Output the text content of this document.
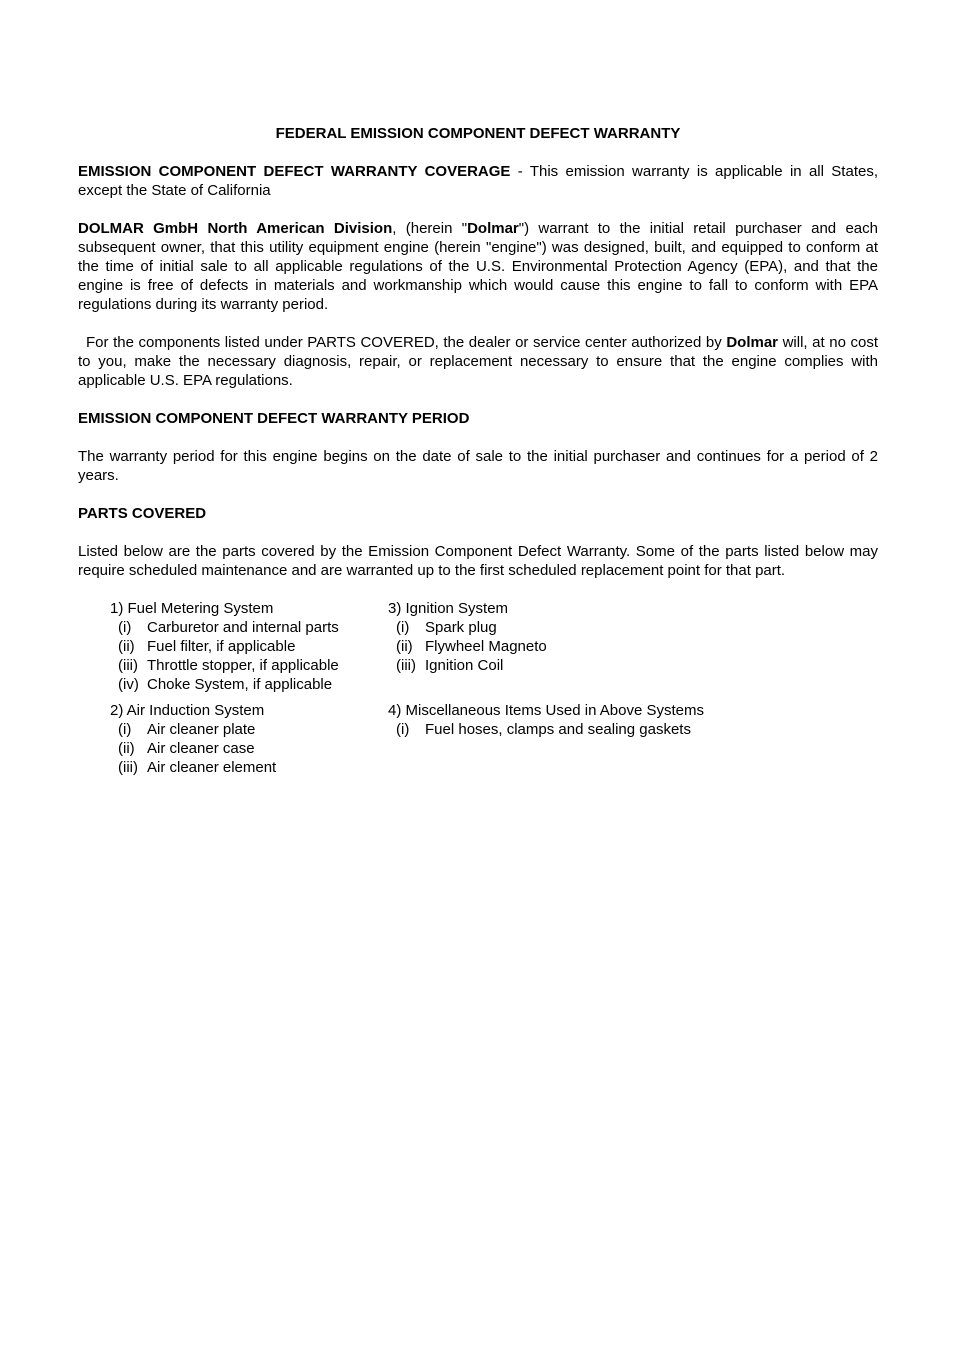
FEDERAL EMISSION COMPONENT DEFECT WARRANTY

EMISSION COMPONENT DEFECT WARRANTY COVERAGE - This emission warranty is applicable in all States, except the State of California

DOLMAR GmbH North American Division, (herein "Dolmar") warrant to the initial retail purchaser and each subsequent owner, that this utility equipment engine (herein "engine") was designed, built, and equipped to conform at the time of initial sale to all applicable regulations of the U.S. Environmental Protection Agency (EPA), and that the engine is free of defects in materials and workmanship which would cause this engine to fall to conform with EPA regulations during its warranty period.

For the components listed under PARTS COVERED, the dealer or service center authorized by Dolmar will, at no cost to you, make the necessary diagnosis, repair, or replacement necessary to ensure that the engine complies with applicable U.S. EPA regulations.

EMISSION COMPONENT DEFECT WARRANTY PERIOD

The warranty period for this engine begins on the date of sale to the initial purchaser and continues for a period of 2 years.

PARTS COVERED

Listed below are the parts covered by the Emission Component Defect Warranty. Some of the parts listed below may require scheduled maintenance and are warranted up to the first scheduled replacement point for that part.

1) Fuel Metering System
(i) Carburetor and internal parts
(ii) Fuel filter, if applicable
(iii) Throttle stopper, if applicable
(iv) Choke System, if applicable
3) Ignition System
(i) Spark plug
(ii) Flywheel Magneto
(iii) Ignition Coil
2) Air Induction System
(i) Air cleaner plate
(ii) Air cleaner case
(iii) Air cleaner element
4) Miscellaneous Items Used in Above Systems
(i) Fuel hoses, clamps and sealing gaskets
